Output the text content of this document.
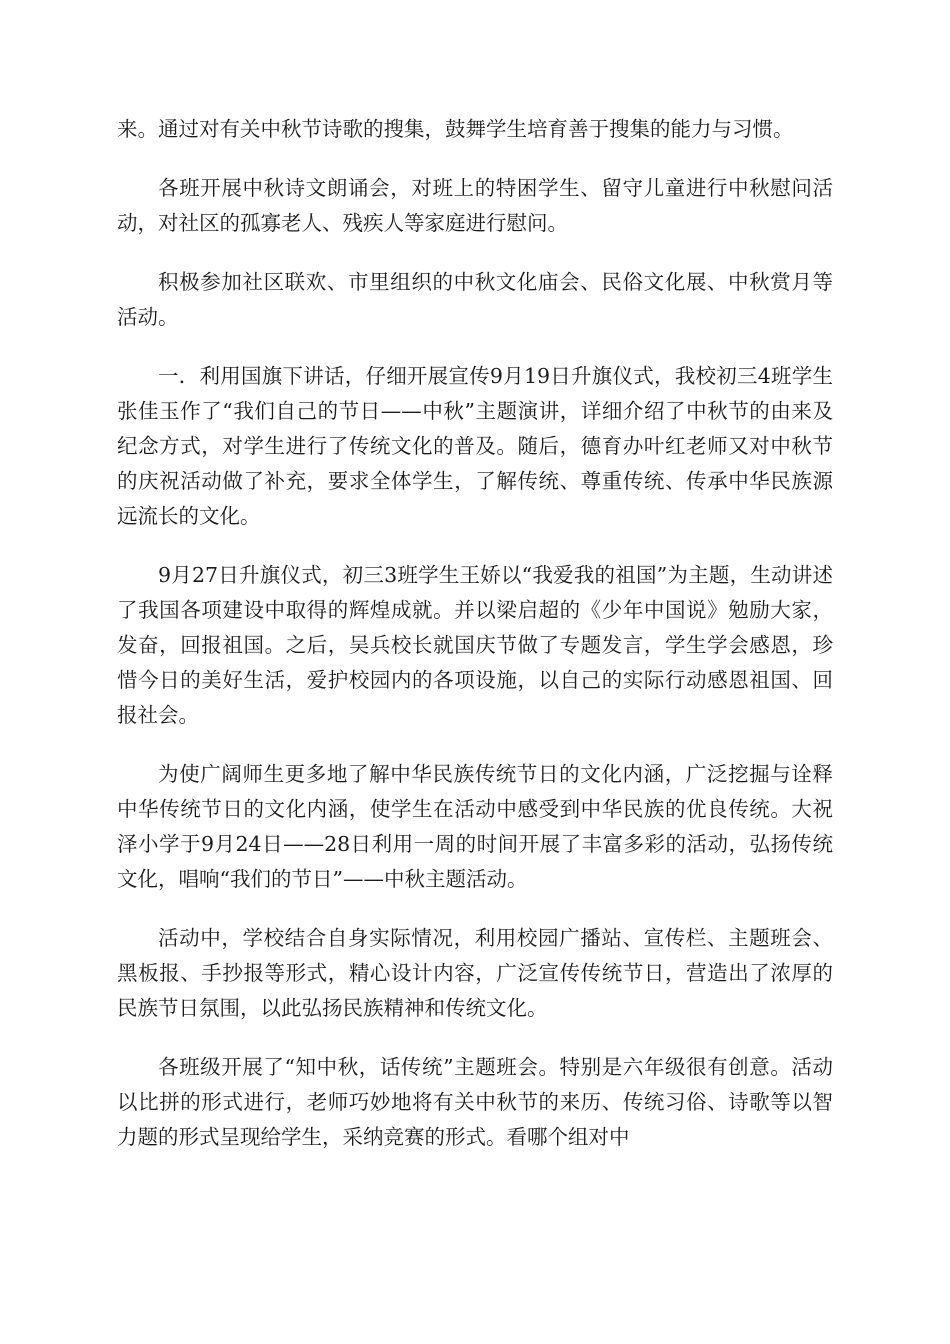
来。通过对有关中秋节诗歌的搜集，鼓舞学生培育善于搜集的能力与习惯。

各班开展中秋诗文朗诵会，对班上的特困学生、留守儿童进行中秋慰问活动，对社区的孤寡老人、残疾人等家庭进行慰问。

积极参加社区联欢、市里组织的中秋文化庙会、民俗文化展、中秋赏月等活动。

一．利用国旗下讲话，仔细开展宣传9月19日升旗仪式，我校初三4班学生张佳玉作了“我们自己的节日——中秋”主题演讲，详细介绍了中秋节的由来及纪念方式，对学生进行了传统文化的普及。随后，德育办叶红老师又对中秋节的庆祝活动做了补充，要求全体学生，了解传统、尊重传统、传承中华民族源远流长的文化。

9月27日升旗仪式，初三3班学生王娇以“我爱我的祖国”为主题，生动讲述了我国各项建设中取得的辉煌成就。并以梁启超的《少年中国说》勉励大家，发奋，回报祖国。之后，吴兵校长就国庆节做了专题发言，学生学会感恩，珍惜今日的美好生活，爱护校园内的各项设施，以自己的实际行动感恩祖国、回报社会。

为使广阔师生更多地了解中华民族传统节日的文化内涵，广泛挖掘与诠释中华传统节日的文化内涵，使学生在活动中感受到中华民族的优良传统。大祝泽小学于9月24日——28日利用一周的时间开展了丰富多彩的活动，弘扬传统文化，唱响“我们的节日”——中秋主题活动。

活动中，学校结合自身实际情况，利用校园广播站、宣传栏、主题班会、黑板报、手抄报等形式，精心设计内容，广泛宣传传统节日，营造出了浓厚的民族节日氛围，以此弘扬民族精神和传统文化。

各班级开展了“知中秋，话传统”主题班会。特别是六年级很有创意。活动以比拼的形式进行，老师巧妙地将有关中秋节的来历、传统习俗、诗歌等以智力题的形式呈现给学生，采纳竞赛的形式。看哪个组对中
